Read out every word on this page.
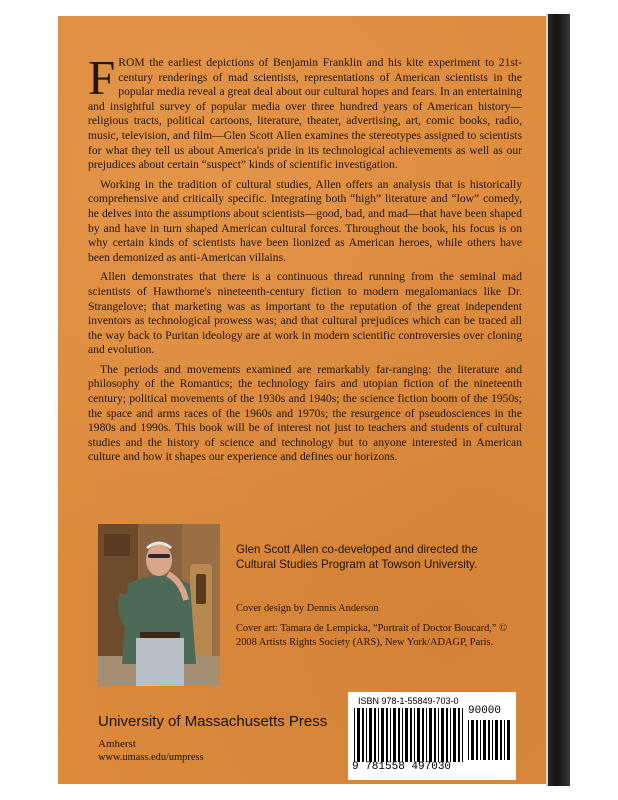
FROM the earliest depictions of Benjamin Franklin and his kite experiment to 21st-century renderings of mad scientists, representations of American scientists in the popular media reveal a great deal about our cultural hopes and fears. In an entertaining and insightful survey of popular media over three hundred years of American history—religious tracts, political cartoons, literature, theater, advertising, art, comic books, radio, music, television, and film—Glen Scott Allen examines the stereotypes assigned to scientists for what they tell us about America's pride in its technological achievements as well as our prejudices about certain “suspect” kinds of scientific investigation.

Working in the tradition of cultural studies, Allen offers an analysis that is historically comprehensive and critically specific. Integrating both “high” literature and “low” comedy, he delves into the assumptions about scientists—good, bad, and mad—that have been shaped by and have in turn shaped American cultural forces. Throughout the book, his focus is on why certain kinds of scientists have been lionized as American heroes, while others have been demonized as anti-American villains.

Allen demonstrates that there is a continuous thread running from the seminal mad scientists of Hawthorne's nineteenth-century fiction to modern megalomaniacs like Dr. Strangelove; that marketing was as important to the reputation of the great independent inventors as technological prowess was; and that cultural prejudices which can be traced all the way back to Puritan ideology are at work in modern scientific controversies over cloning and evolution.

The periods and movements examined are remarkably far-ranging: the literature and philosophy of the Romantics; the technology fairs and utopian fiction of the nineteenth century; political movements of the 1930s and 1940s; the science fiction boom of the 1950s; the space and arms races of the 1960s and 1970s; the resurgence of pseudosciences in the 1980s and 1990s. This book will be of interest not just to teachers and students of cultural studies and the history of science and technology but to anyone interested in American culture and how it shapes our experience and defines our horizons.

Glen Scott Allen co-developed and directed the Cultural Studies Program at Towson University.
Cover design by Dennis Anderson
Cover art: Tamara de Lempicka, “Portrait of Doctor Boucard,” © 2008 Artists Rights Society (ARS), New York/ADAGP, Paris.
University of Massachusetts Press
Amherst
www.umass.edu/umpress
ISBN 978-1-55849-703-0
90000
9 781558 497030
